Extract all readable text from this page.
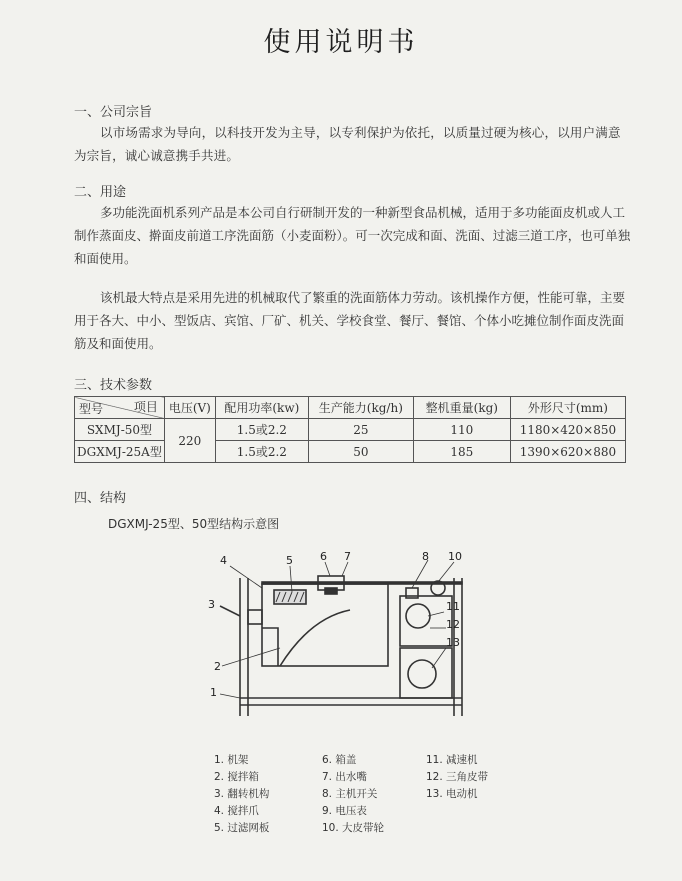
使用说明书
一、公司宗旨
以市场需求为导向，以科技开发为主导，以专利保护为依托，以质量过硬为核心，以用户满意为宗旨，诚心诚意携手共进。
二、用途
多功能洗面机系列产品是本公司自行研制开发的一种新型食品机械，适用于多功能面皮机或人工制作蒸面皮、擀面皮前道工序洗面筋（小麦面粉）。可一次完成和面、洗面、过滤三道工序，也可单独和面使用。
该机最大特点是采用先进的机械取代了繁重的洗面筋体力劳动。该机操作方便，性能可靠，主要用于各大、中小、型饭店、宾馆、厂矿、机关、学校食堂、餐厅、餐馆、个体小吃摊位制作面皮洗面筋及和面使用。
三、技术参数
项目
型号	电压(V)	配用功率(kw)	生产能力(kg/h)	整机重量(kg)	外形尺寸(mm)
SXMJ-50型	220	1.5或2.2	25	110	1180×420×850
DGXMJ-25A型		1.5或2.2	50	185	1390×620×880
四、结构
DGXMJ-25型、50型结构示意图
4	5 6 7	8 10
3
2
1
11
12
13
1. 机架
2. 搅拌箱
3. 翻转机构
4. 搅拌爪
5. 过滤网板
6. 箱盖
7. 出水嘴
8. 主机开关
9. 电压表
10. 大皮带轮
11. 减速机
12. 三角皮带
13. 电动机
